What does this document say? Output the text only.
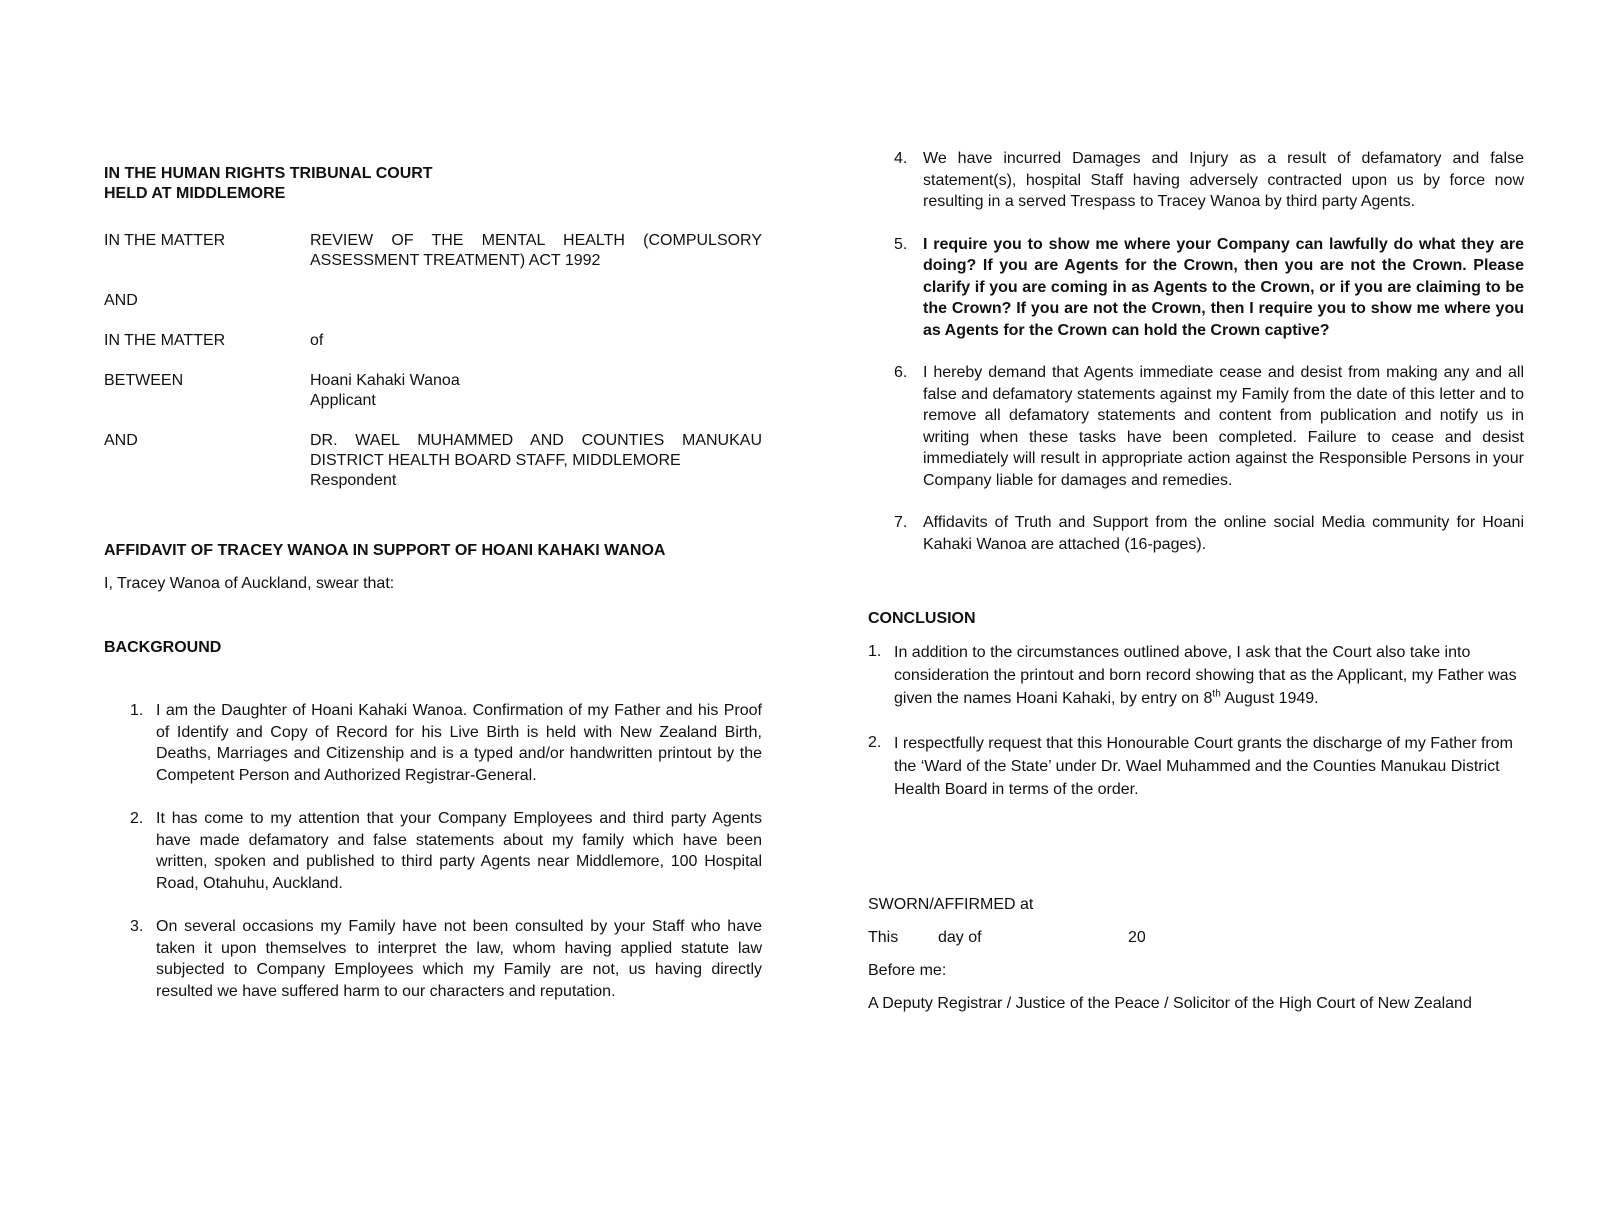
IN THE HUMAN RIGHTS TRIBUNAL COURT
HELD AT MIDDLEMORE
IN THE MATTER	REVIEW OF THE MENTAL HEALTH (COMPULSORY
ASSESSMENT TREATMENT) ACT 1992
AND
IN THE MATTER	of
BETWEEN	Hoani Kahaki Wanoa
Applicant
AND	DR. WAEL MUHAMMED AND COUNTIES MANUKAU
DISTRICT HEALTH BOARD STAFF, MIDDLEMORE
Respondent
AFFIDAVIT OF TRACEY WANOA IN SUPPORT OF HOANI KAHAKI WANOA
I, Tracey Wanoa of Auckland, swear that:
BACKGROUND
1. I am the Daughter of Hoani Kahaki Wanoa. Confirmation of my Father and his Proof of Identify and Copy of Record for his Live Birth is held with New Zealand Birth, Deaths, Marriages and Citizenship and is a typed and/or handwritten printout by the Competent Person and Authorized Registrar-General.
2. It has come to my attention that your Company Employees and third party Agents have made defamatory and false statements about my family which have been written, spoken and published to third party Agents near Middlemore, 100 Hospital Road, Otahuhu, Auckland.
3. On several occasions my Family have not been consulted by your Staff who have taken it upon themselves to interpret the law, whom having applied statute law subjected to Company Employees which my Family are not, us having directly resulted we have suffered harm to our characters and reputation.
4. We have incurred Damages and Injury as a result of defamatory and false statement(s), hospital Staff having adversely contracted upon us by force now resulting in a served Trespass to Tracey Wanoa by third party Agents.
5. I require you to show me where your Company can lawfully do what they are doing? If you are Agents for the Crown, then you are not the Crown. Please clarify if you are coming in as Agents to the Crown, or if you are claiming to be the Crown? If you are not the Crown, then I require you to show me where you as Agents for the Crown can hold the Crown captive?
6. I hereby demand that Agents immediate cease and desist from making any and all false and defamatory statements against my Family from the date of this letter and to remove all defamatory statements and content from publication and notify us in writing when these tasks have been completed. Failure to cease and desist immediately will result in appropriate action against the Responsible Persons in your Company liable for damages and remedies.
7. Affidavits of Truth and Support from the online social Media community for Hoani Kahaki Wanoa are attached (16-pages).
CONCLUSION
1. In addition to the circumstances outlined above, I ask that the Court also take into consideration the printout and born record showing that as the Applicant, my Father was given the names Hoani Kahaki, by entry on 8th August 1949.
2. I respectfully request that this Honourable Court grants the discharge of my Father from the ‘Ward of the State’ under Dr. Wael Muhammed and the Counties Manukau District Health Board in terms of the order.
SWORN/AFFIRMED at
This	day of	20
Before me:
A Deputy Registrar / Justice of the Peace / Solicitor of the High Court of New Zealand
